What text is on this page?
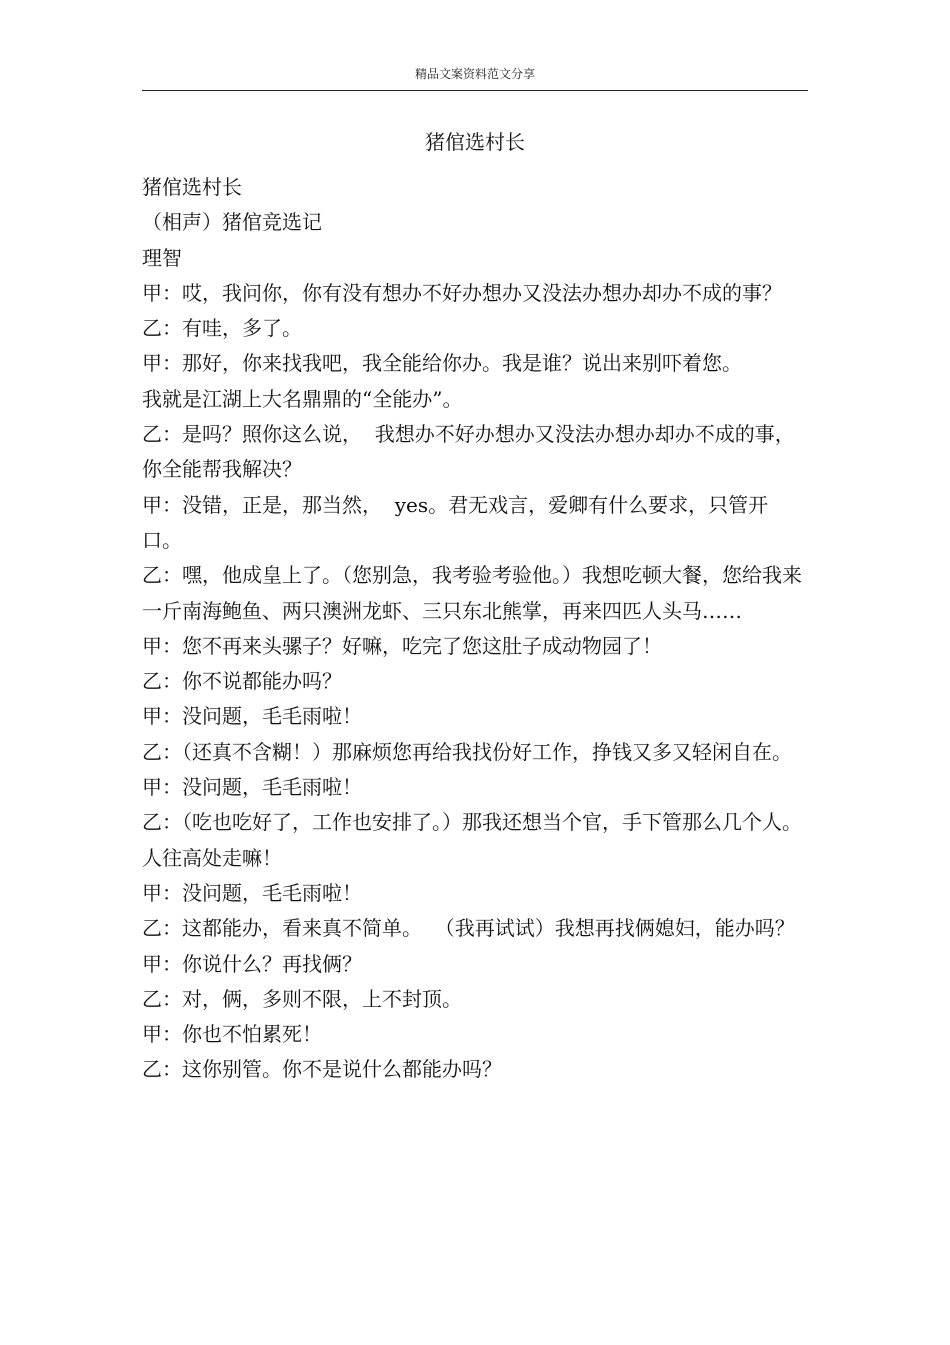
精品文案资料范文分享
猪倌选村长

猪倌选村长

（相声）猪倌竞选记

理智

甲：哎，我问你，你有没有想办不好办想办又没法办想办却办不成的事？

乙：有哇，多了。

甲：那好，你来找我吧，我全能给你办。我是谁？说出来别吓着您。

我就是江湖上大名鼎鼎的“全能办”。

乙：是吗？照你这么说，  我想办不好办想办又没法办想办却办不成的事，你全能帮我解决？

甲：没错，正是，那当然，  yes。君无戏言，爱卿有什么要求，只管开口。

乙：嘿，他成皇上了。（您别急，我考验考验他。）我想吃顿大餐，您给我来一斤南海鲍鱼、两只澳洲龙虾、三只东北熊掌，再来四匹人头马……

甲：您不再来头骡子？好嘛，吃完了您这肚子成动物园了！

乙：你不说都能办吗？

甲：没问题，毛毛雨啦！

乙：（还真不含糊！）那麻烦您再给我找份好工作，挣钱又多又轻闲自在。

甲：没问题，毛毛雨啦！

乙：（吃也吃好了，工作也安排了。）那我还想当个官，手下管那么几个人。人往高处走嘛！

甲：没问题，毛毛雨啦！

乙：这都能办，看来真不简单。  （我再试试）我想再找俩媳妇，能办吗？

甲：你说什么？再找俩？

乙：对，俩，多则不限，上不封顶。

甲：你也不怕累死！

乙：这你别管。你不是说什么都能办吗？
